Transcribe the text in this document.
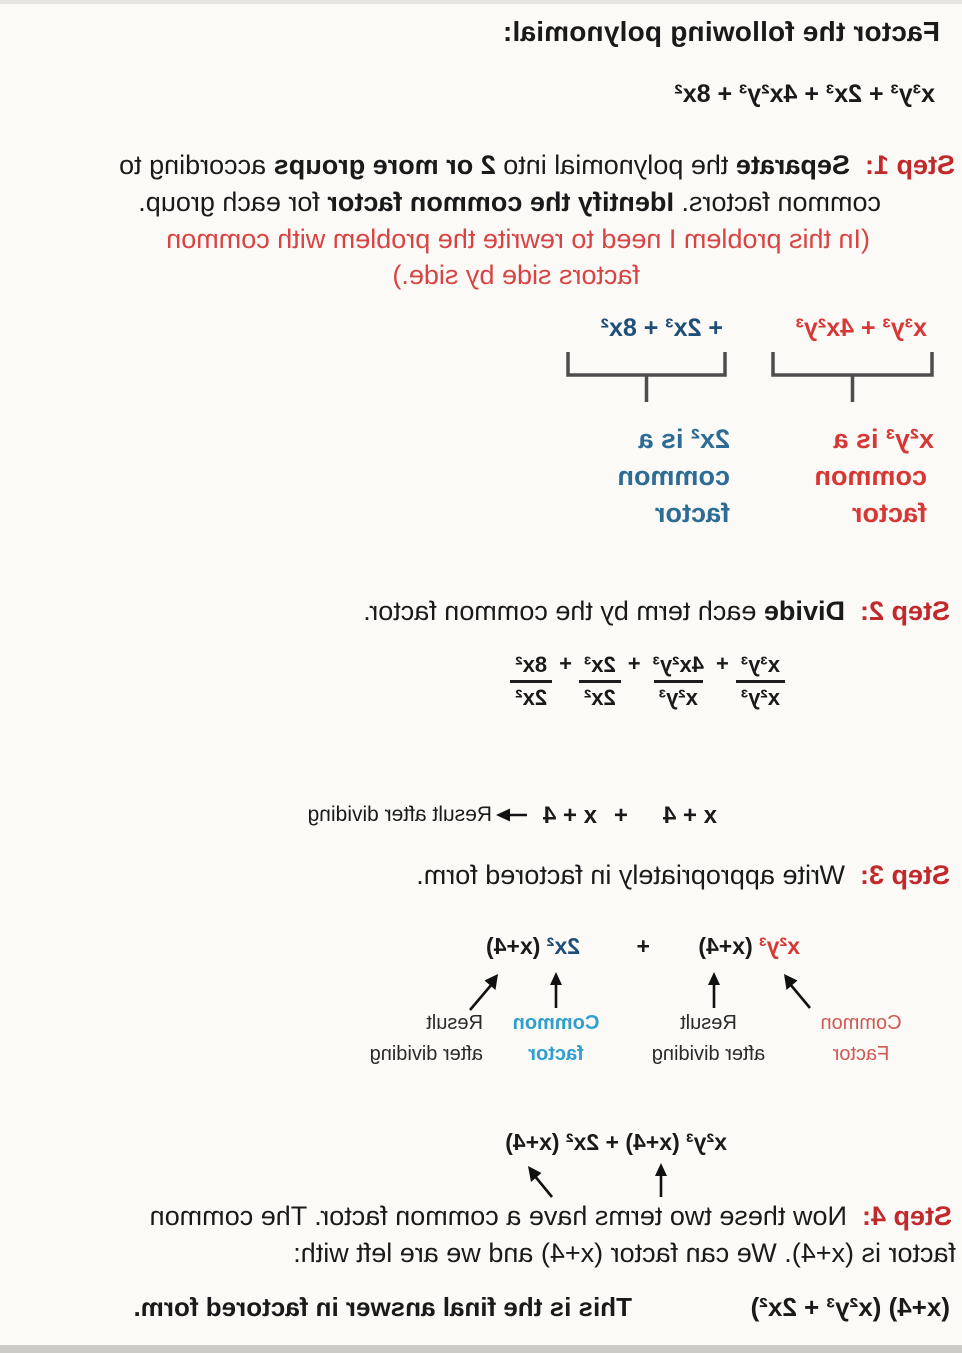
Factor the following polynomial:
x³y³ + 2x³ + 4x²y³ + 8x²
Step 1:  Separate the polynomial into 2 or more groups according to
common factors. Identify the common factor for each group.
(In this problem I need to rewrite the problem with common
factors side by side.)
x³y³ + 4x²y³
+ 2x³ + 8x²
x²y³ is a
common
factor
2x² is a
common
factor
Step 2:  Divide each term by the common factor.
$\frac{\text{x³y³}}{\text{x²y³}}$
+
$\frac{\text{4x²y³}}{\text{x²y³}}$
+
$\frac{\text{2x³}}{\text{2x²}}$
+
$\frac{\text{8x²}}{\text{2x²}}$
x + 4
+
x + 4
Result after dividing
Step 3:  Write appropriately in factored form.
x²y³ (x+4)
+
2x² (x+4)
Common
Factor
Result
after dividing
Common
factor
Result
after dividing
x²y³ (x+4) + 2x² (x+4)
Step 4:  Now these two terms have a common factor. The common
factor is (x+4). We can factor (x+4) and we are left with:
(x+4) (x²y³ + 2x²)
This is the final answer in factored form.
